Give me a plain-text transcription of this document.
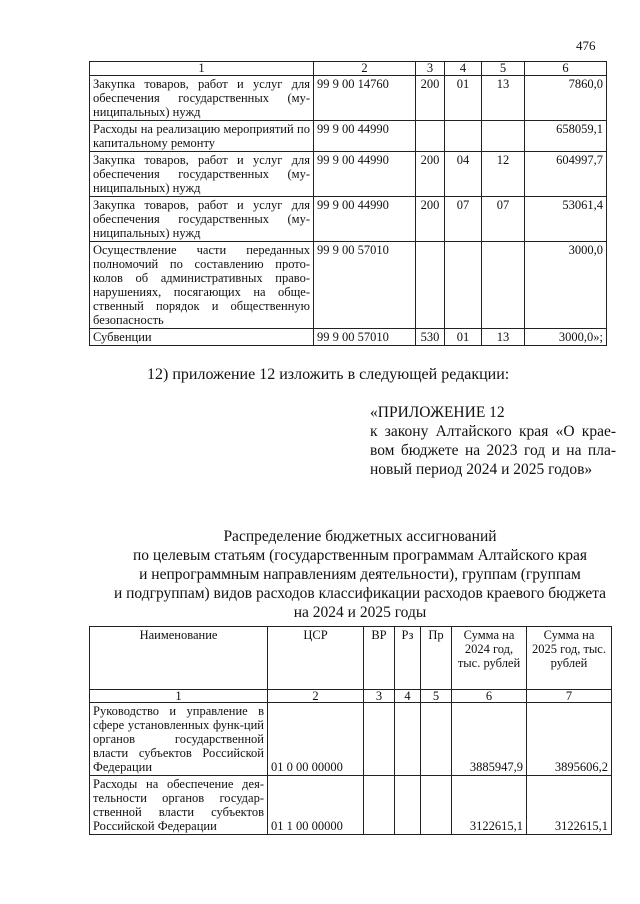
476
1	2	3	4	5	6
Закупка товаров, работ и услуг для обеспечения государственных (му-ниципальных) нужд	99 9 00 14760	200	01	13	7860,0
Расходы на реализацию мероприятий по капитальному ремонту	99 9 00 44990				658059,1
Закупка товаров, работ и услуг для обеспечения государственных (му-ниципальных) нужд	99 9 00 44990	200	04	12	604997,7
Закупка товаров, работ и услуг для обеспечения государственных (му-ниципальных) нужд	99 9 00 44990	200	07	07	53061,4
Осуществление части переданных полномочий по составлению прото-колов об административных право-нарушениях, посягающих на обще-ственный порядок и общественную безопасность	99 9 00 57010				3000,0
Субвенции	99 9 00 57010	530	01	13	3000,0»;
12) приложение 12 изложить в следующей редакции:
«ПРИЛОЖЕНИЕ 12
к закону Алтайского края «О крае-вом бюджете на 2023 год и на пла-новый период 2024 и 2025 годов»
Распределение бюджетных ассигнований
по целевым статьям (государственным программам Алтайского края
и непрограммным направлениям деятельности), группам (группам
и подгруппам) видов расходов классификации расходов краевого бюджета
на 2024 и 2025 годы
Наименование	ЦСР	ВР	Рз	Пр	Сумма на 2024 год, тыс. рублей	Сумма на 2025 год, тыс. рублей
1	2	3	4	5	6	7
Руководство и управление в сфере установленных функ-ций органов государственной власти субъектов Российской Федерации	01 0 00 00000				3885947,9	3895606,2
Расходы на обеспечение дея-тельности органов государ-ственной власти субъектов Российской Федерации	01 1 00 00000				3122615,1	3122615,1
